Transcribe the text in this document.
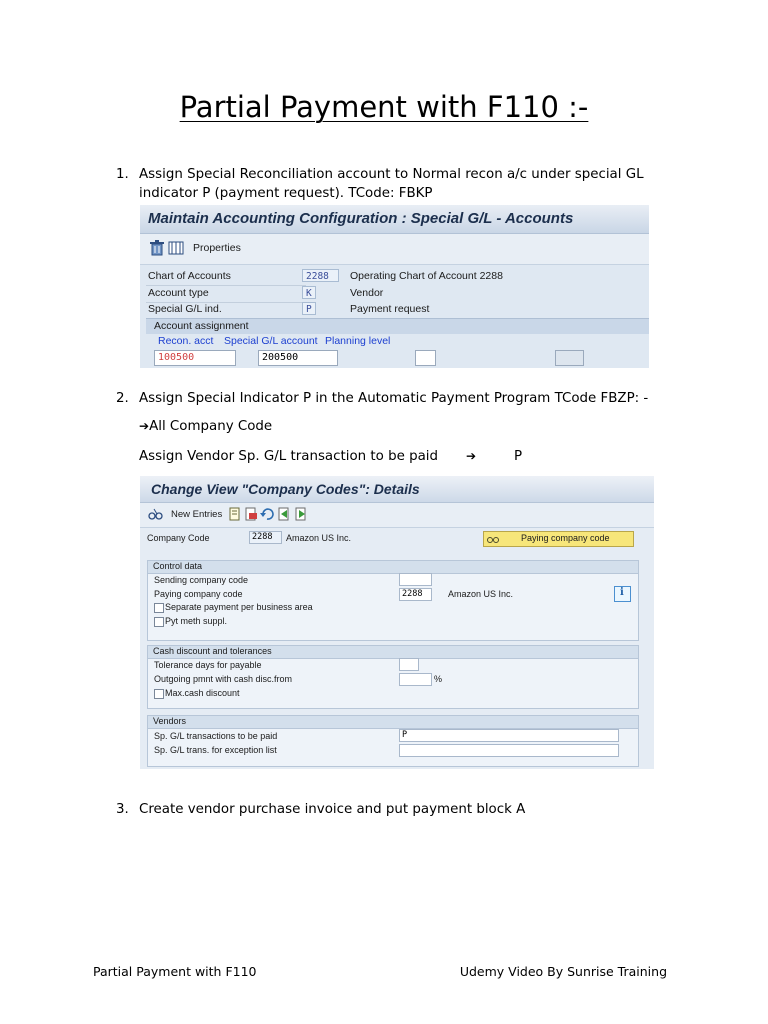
Partial Payment with F110 :-
1. Assign Special Reconciliation account to Normal recon a/c under special GL indicator P (payment request). TCode: FBKP
Maintain Accounting Configuration : Special G/L - Accounts
Properties
Chart of Accounts	2288	Operating Chart of Account 2288
Account type	K	Vendor
Special G/L ind.	P	Payment request
Account assignment
Recon. acct Special G/L account Planning level
100500	200500
2. Assign Special Indicator P in the Automatic Payment Program TCode FBZP: -
➔All Company Code
Assign Vendor Sp. G/L transaction to be paid ➔	P
Change View "Company Codes": Details
New Entries
Company Code	2288	Amazon US Inc.	Paying company code
Control data
Sending company code
Paying company code	2288	Amazon US Inc.	i
Separate payment per business area
Pyt meth suppl.
Cash discount and tolerances
Tolerance days for payable
Outgoing pmnt with cash disc.from	%
Max.cash discount
Vendors
Sp. G/L transactions to be paid	P
Sp. G/L trans. for exception list
3. Create vendor purchase invoice and put payment block A
Partial Payment with F110	Udemy Video By Sunrise Training
